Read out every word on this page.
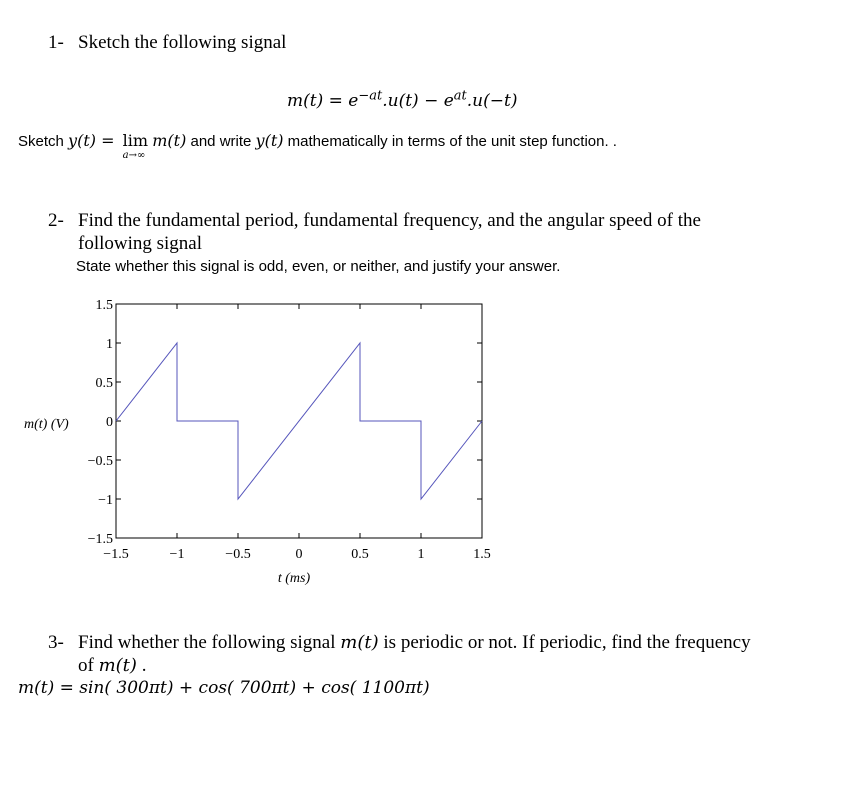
1- Sketch the following signal
$m(t) = e^{-at}.u(t) - e^{at}.u(-t)$
Sketch y(t) = lim
a→∞
m(t) and write y(t) mathematically in terms of the unit step function. .
2- Find the fundamental period, fundamental frequency, and the angular speed of the
following signal
State whether this signal is odd, even, or neither, and justify your answer.
−1.5	−1	−0.5	0	0.5	1	1.5
1.5
1
0.5
0
−0.5
−1
−1.5
t (ms)
m(t) (V)
3- Find whether the following signal m(t) is periodic or not. If periodic, find the frequency
of m(t) .
m(t) = sin( 300πt) + cos( 700πt) + cos( 1100πt)
